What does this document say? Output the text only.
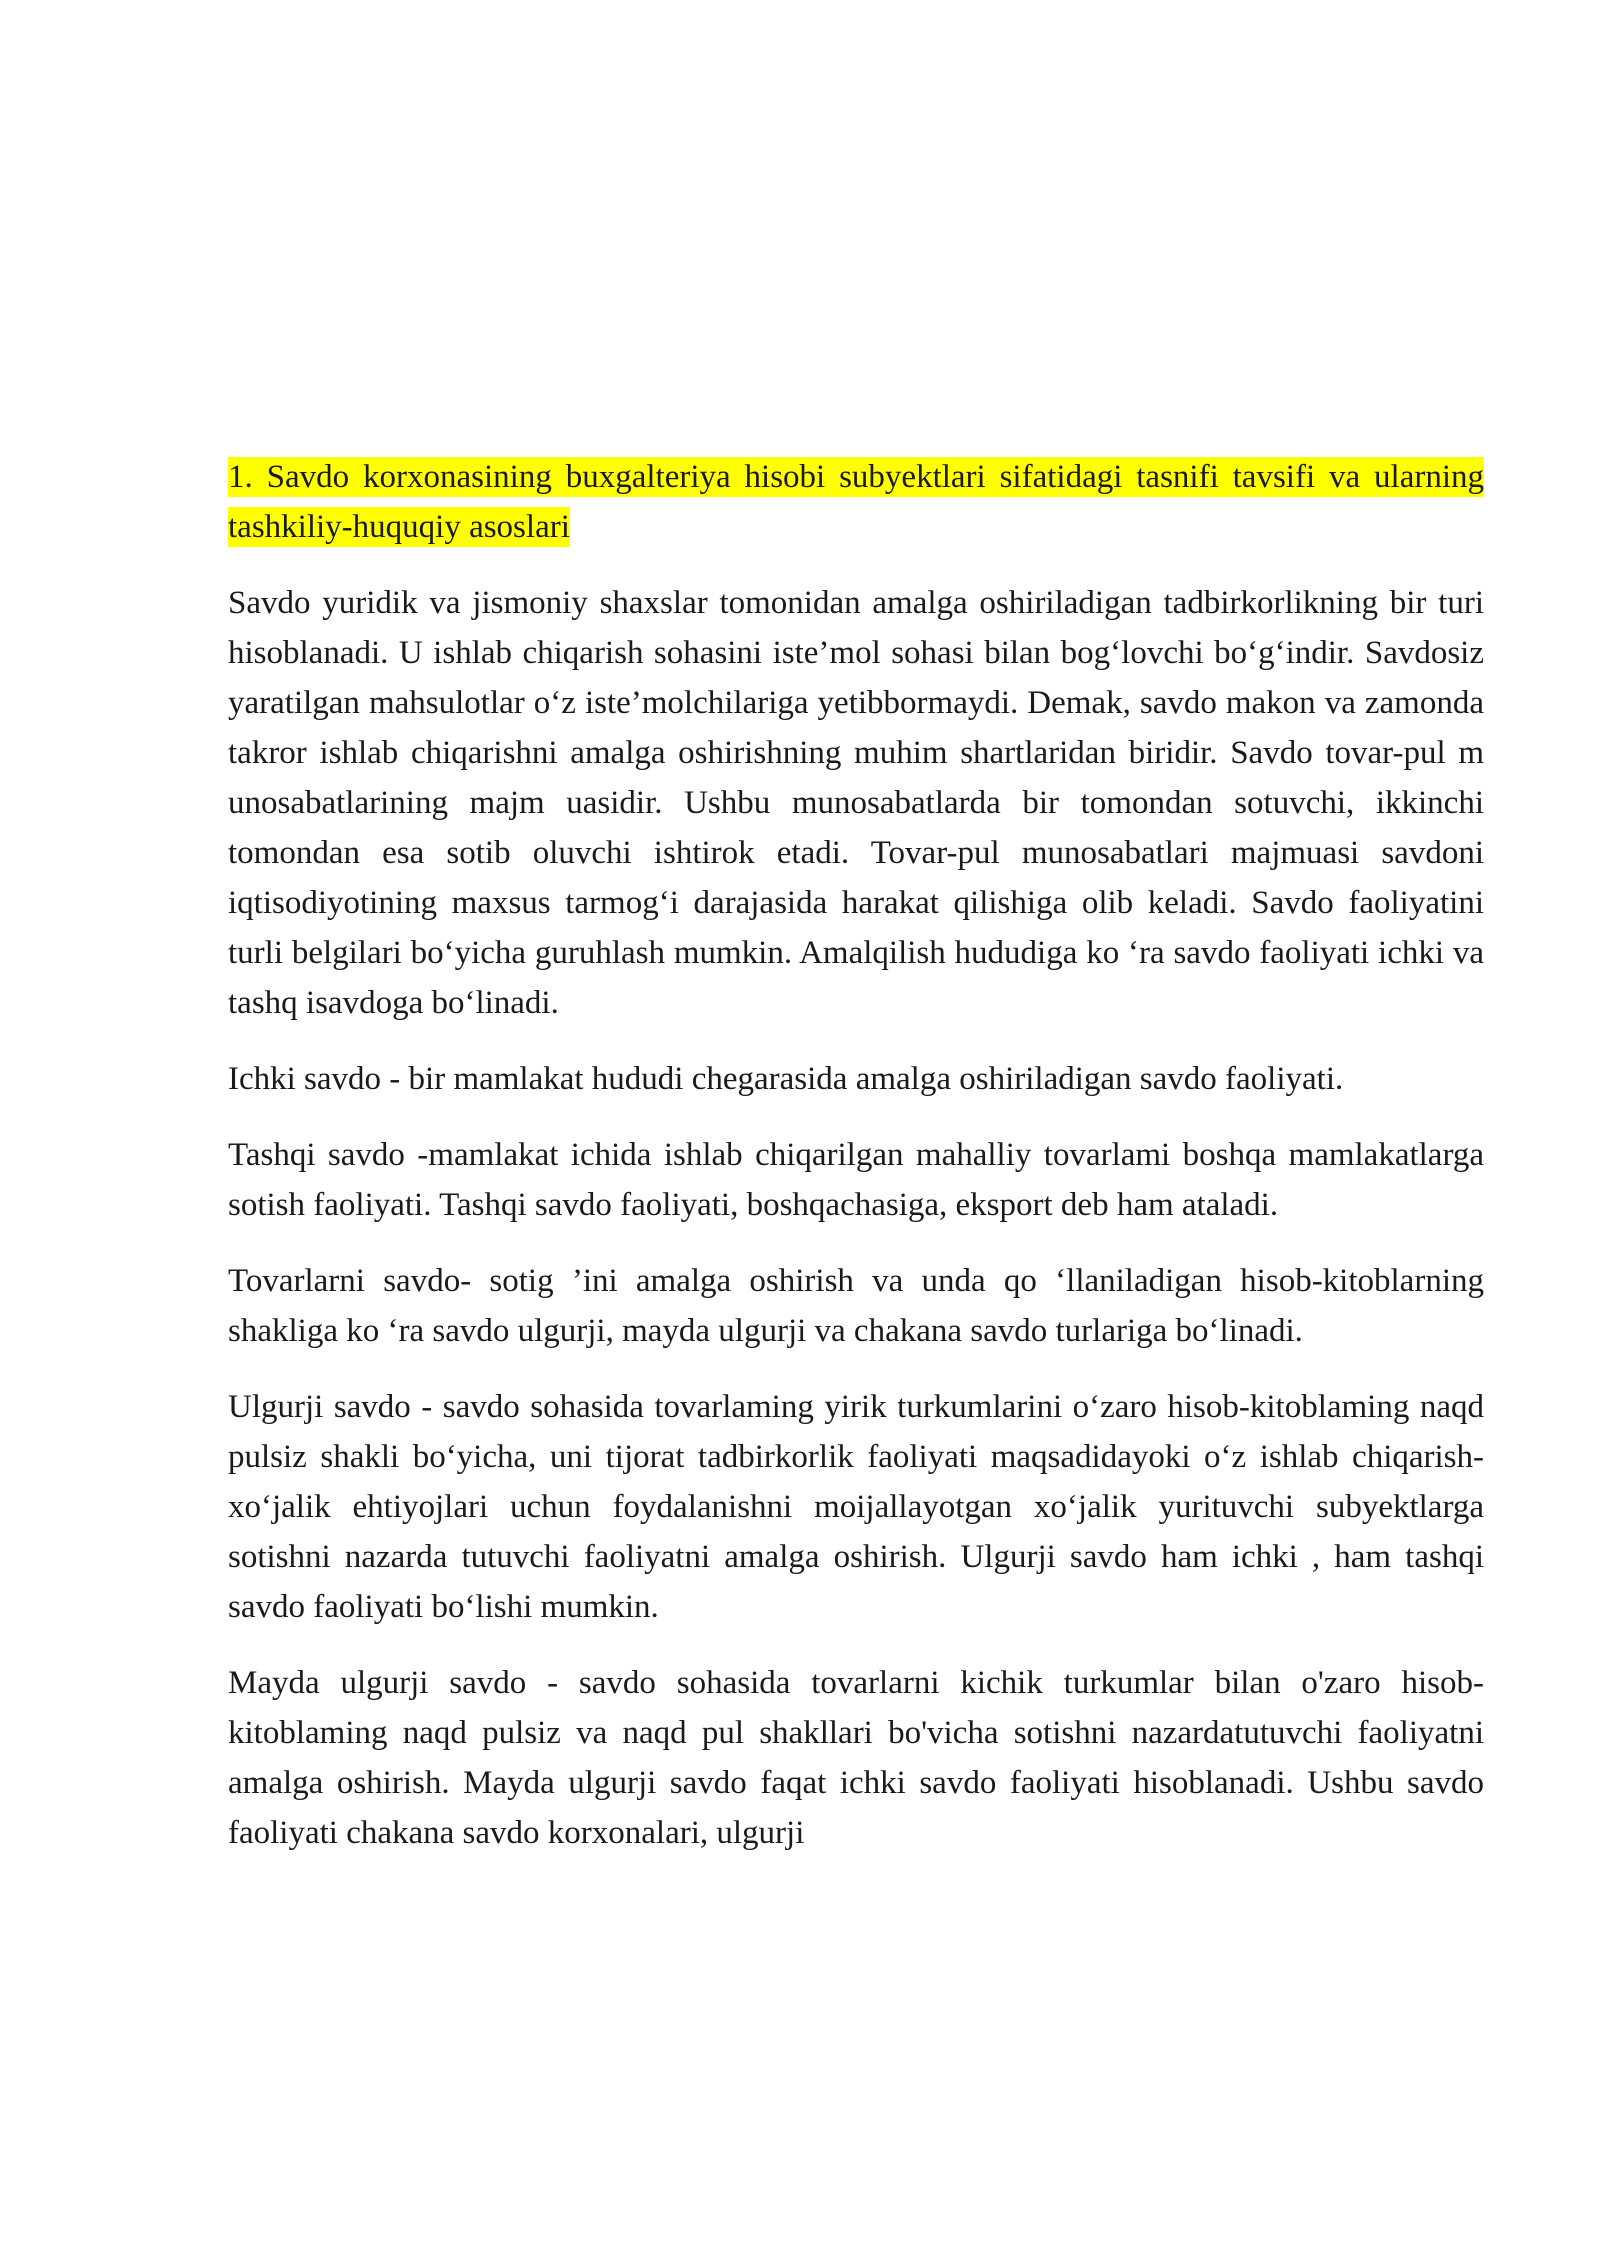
1. Savdo korxonasining buxgalteriya hisobi subyektlari sifatidagi tasnifi tavsifi va ularning tashkiliy-huquqiy asoslari

Savdo yuridik va jismoniy shaxslar tomonidan amalga oshiriladigan tadbirkorlikning bir turi hisoblanadi. U ishlab chiqarish sohasini iste’mol sohasi bilan bog‘lovchi bo‘g‘indir. Savdosiz yaratilgan mahsulotlar o‘z iste’molchilariga yetibbormaydi. Demak, savdo makon va zamonda takror ishlab chiqarishni amalga oshirishning muhim shartlaridan biridir. Savdo tovar-pul m unosabatlarining majm uasidir. Ushbu munosabatlarda bir tomondan sotuvchi, ikkinchi tomondan esa sotib oluvchi ishtirok etadi. Tovar-pul munosabatlari majmuasi savdoni iqtisodiyotining maxsus tarmog‘i darajasida harakat qilishiga olib keladi. Savdo faoliyatini turli belgilari bo‘yicha guruhlash mumkin. Amalqilish hududiga ko ‘ra savdo faoliyati ichki va tashq isavdoga bo‘linadi.

Ichki savdo - bir mamlakat hududi chegarasida amalga oshiriladigan savdo faoliyati.

Tashqi savdo -mamlakat ichida ishlab chiqarilgan mahalliy tovarlami boshqa mamlakatlarga sotish faoliyati. Tashqi savdo faoliyati, boshqachasiga, eksport deb ham ataladi.

Tovarlarni savdo- sotig ’ini amalga oshirish va unda qo ‘llaniladigan hisob-kitoblarning shakliga ko ‘ra savdo ulgurji, mayda ulgurji va chakana savdo turlariga bo‘linadi.

Ulgurji savdo - savdo sohasida tovarlaming yirik turkumlarini o‘zaro hisob-kitoblaming naqd pulsiz shakli bo‘yicha, uni tijorat tadbirkorlik faoliyati maqsadidayoki o‘z ishlab chiqarish-xo‘jalik ehtiyojlari uchun foydalanishni moijallayotgan xo‘jalik yurituvchi subyektlarga sotishni nazarda tutuvchi faoliyatni amalga oshirish. Ulgurji savdo ham ichki , ham tashqi savdo faoliyati bo‘lishi mumkin.

Mayda ulgurji savdo - savdo sohasida tovarlarni kichik turkumlar bilan o'zaro hisob-kitoblaming naqd pulsiz va naqd pul shakllari bo'vicha sotishni nazardatutuvchi faoliyatni amalga oshirish. Mayda ulgurji savdo faqat ichki savdo faoliyati hisoblanadi. Ushbu savdo faoliyati chakana savdo korxonalari, ulgurji
